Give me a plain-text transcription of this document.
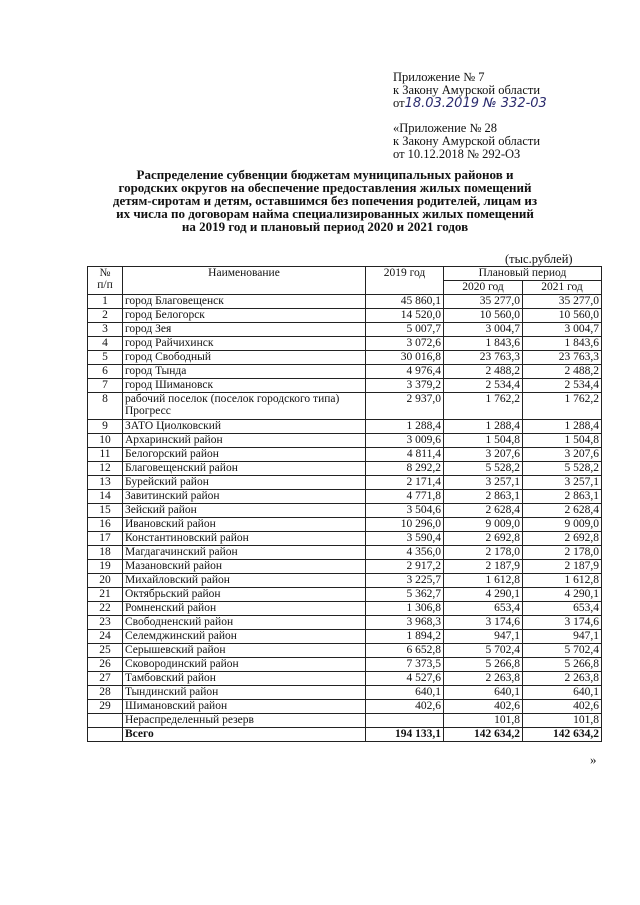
Приложение № 7
к Закону Амурской области
от18.03.2019 № 332-03
«Приложение № 28
к Закону Амурской области
от 10.12.2018 № 292-ОЗ
Распределение субвенции бюджетам муниципальных районов и
городских округов на обеспечение предоставления жилых помещений
детям-сиротам и детям, оставшимся без попечения родителей, лицам из
их числа по договорам найма специализированных жилых помещений
на 2019 год и плановый период 2020 и 2021 годов
(тыс.рублей)
№
п/п	Наименование	2019 год	Плановый период	
			2020 год	2021 год
1	город Благовещенск	45 860,1	35 277,0	35 277,0
2	город Белогорск	14 520,0	10 560,0	10 560,0
3	город Зея	5 007,7	3 004,7	3 004,7
4	город Райчихинск	3 072,6	1 843,6	1 843,6
5	город Свободный	30 016,8	23 763,3	23 763,3
6	город Тында	4 976,4	2 488,2	2 488,2
7	город Шимановск	3 379,2	2 534,4	2 534,4
8	рабочий поселок (поселок городского типа) Прогресс	2 937,0	1 762,2	1 762,2
9	ЗАТО Циолковский	1 288,4	1 288,4	1 288,4
10	Архаринский район	3 009,6	1 504,8	1 504,8
11	Белогорский район	4 811,4	3 207,6	3 207,6
12	Благовещенский район	8 292,2	5 528,2	5 528,2
13	Бурейский район	2 171,4	3 257,1	3 257,1
14	Завитинский район	4 771,8	2 863,1	2 863,1
15	Зейский район	3 504,6	2 628,4	2 628,4
16	Ивановский район	10 296,0	9 009,0	9 009,0
17	Константиновский район	3 590,4	2 692,8	2 692,8
18	Магдагачинский район	4 356,0	2 178,0	2 178,0
19	Мазановский район	2 917,2	2 187,9	2 187,9
20	Михайловский район	3 225,7	1 612,8	1 612,8
21	Октябрьский район	5 362,7	4 290,1	4 290,1
22	Ромненский район	1 306,8	653,4	653,4
23	Свободненский район	3 968,3	3 174,6	3 174,6
24	Селемджинский район	1 894,2	947,1	947,1
25	Серышевский район	6 652,8	5 702,4	5 702,4
26	Сковородинский район	7 373,5	5 266,8	5 266,8
27	Тамбовский район	4 527,6	2 263,8	2 263,8
28	Тындинский район	640,1	640,1	640,1
29	Шимановский район	402,6	402,6	402,6
	Нераспределенный резерв		101,8	101,8
	Всего	194 133,1	142 634,2	142 634,2
»
